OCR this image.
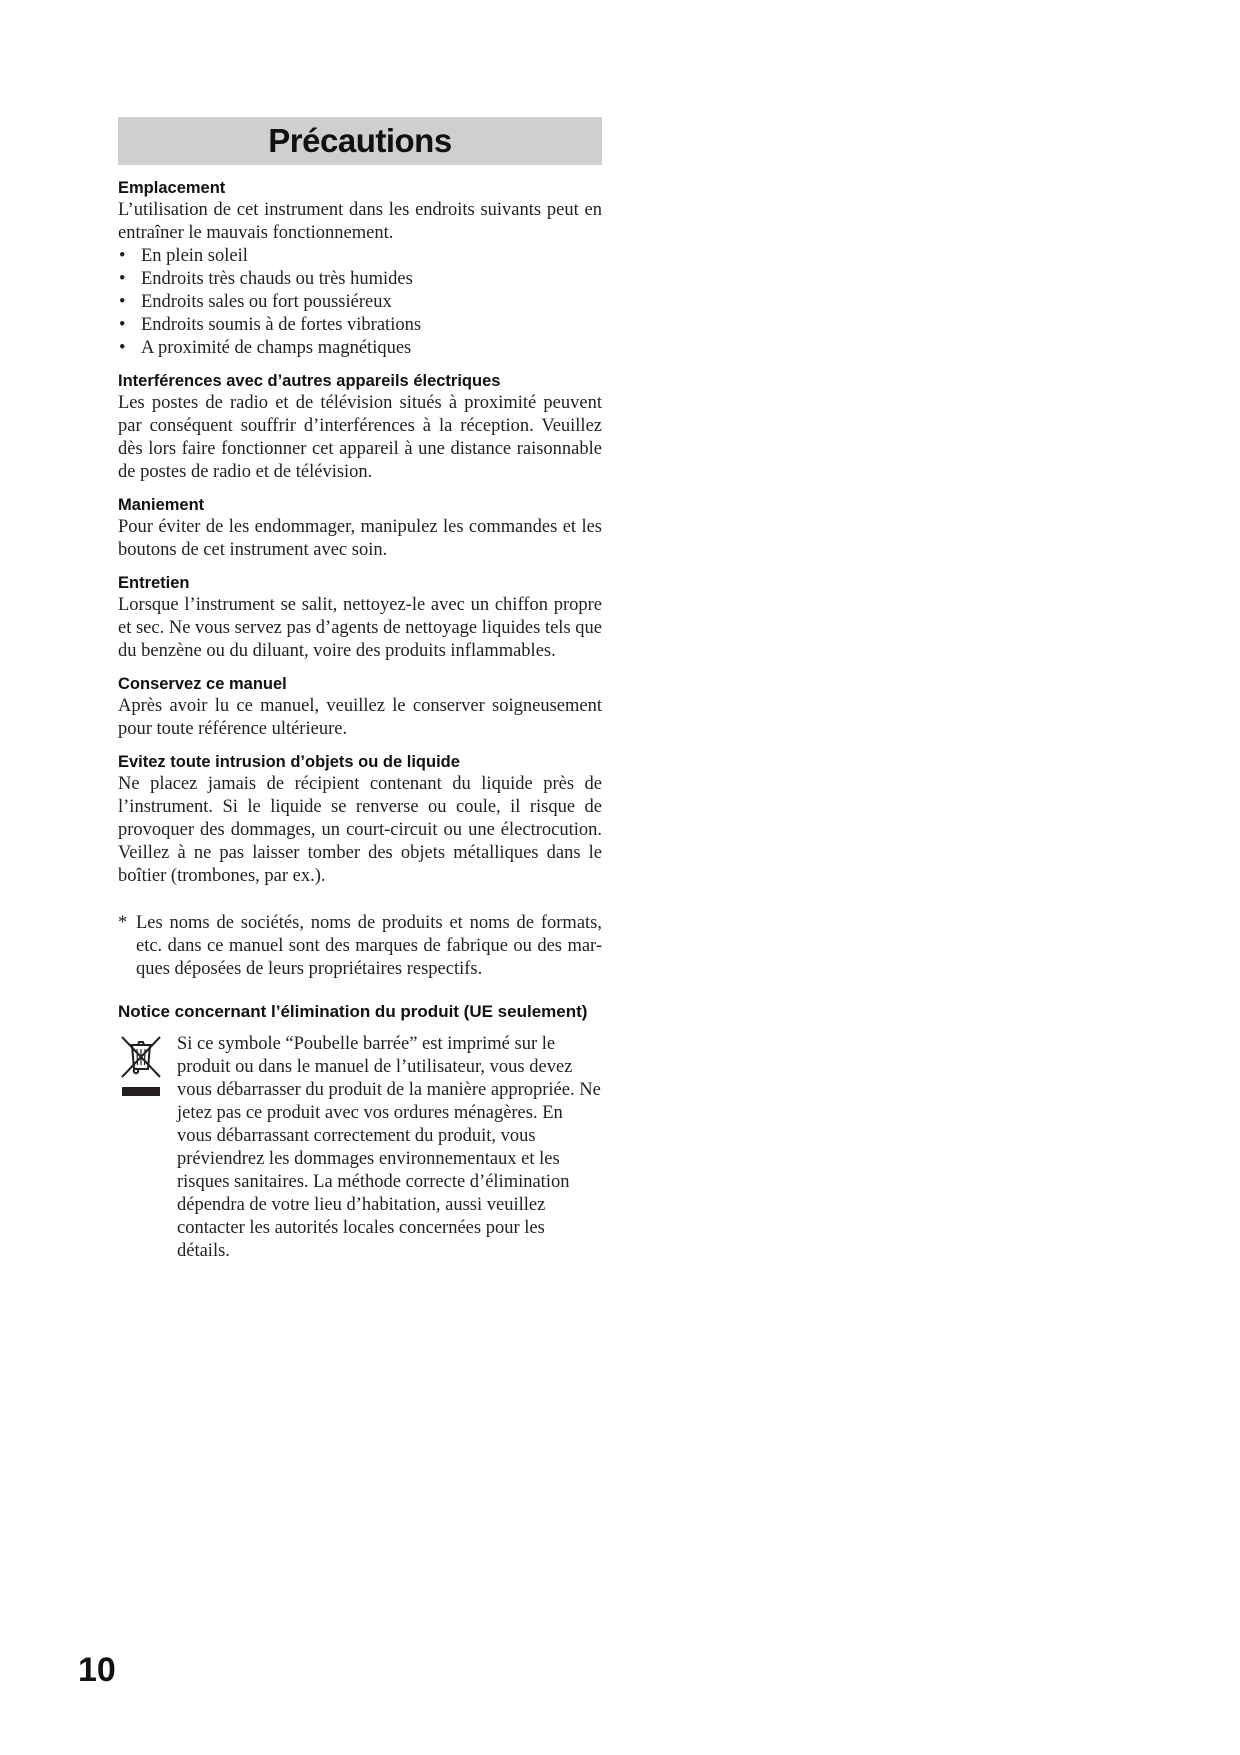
Précautions

Emplacement

L’utilisation de cet instrument dans les endroits suivants peut en entraîner le mauvais fonctionnement.

• En plein soleil
• Endroits très chauds ou très humides
• Endroits sales ou fort poussiéreux
• Endroits soumis à de fortes vibrations
• A proximité de champs magnétiques

Interférences avec d’autres appareils électriques

Les postes de radio et de télévision situés à proximité peuvent par conséquent souffrir d’interférences à la réception. Veuillez dès lors faire fonctionner cet appareil à une distance raisonnable de postes de radio et de télévision.

Maniement

Pour éviter de les endommager, manipulez les commandes et les boutons de cet instrument avec soin.

Entretien

Lorsque l’instrument se salit, nettoyez-le avec un chiffon propre et sec. Ne vous servez pas d’agents de nettoyage liquides tels que du benzène ou du diluant, voire des produits inflammables.

Conservez ce manuel

Après avoir lu ce manuel, veuillez le conserver soigneusement pour toute référence ultérieure.

Evitez toute intrusion d’objets ou de liquide

Ne placez jamais de récipient contenant du liquide près de l’instrument. Si le liquide se renverse ou coule, il risque de provoquer des dommages, un court-circuit ou une électrocution. Veillez à ne pas laisser tomber des objets métalliques dans le boîtier (trombones, par ex.).

* Les noms de sociétés, noms de produits et noms de formats, etc. dans ce manuel sont des marques de fabrique ou des mar-ques déposées de leurs propriétaires respectifs.
Notice concernant l’élimination du produit (UE seulement)
Si ce symbole “Poubelle barrée” est imprimé sur le produit ou dans le manuel de l’utilisateur, vous devez vous débarrasser du produit de la manière appropriée. Ne jetez pas ce produit avec vos ordures ménagères. En vous débarrassant correctement du produit, vous préviendrez les dommages environnementaux et les risques sanitaires. La méthode correcte d’élimination dépendra de votre lieu d’habitation, aussi veuillez contacter les autorités locales concernées pour les détails.
10
